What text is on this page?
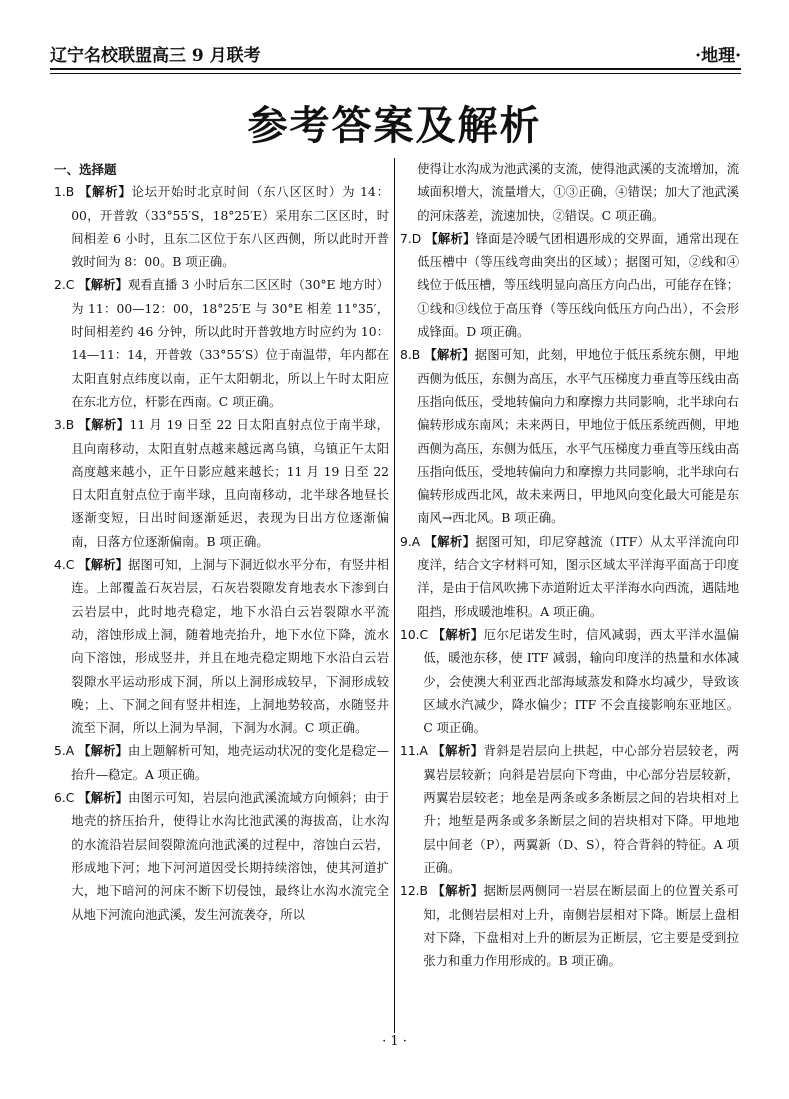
辽宁名校联盟高三 9 月联考	·地理·
参考答案及解析
一、选择题

1.B 【解析】论坛开始时北京时间（东八区区时）为 14：00，开普敦（33°55′S，18°25′E）采用东二区区时，时间相差 6 小时，且东二区位于东八区西侧，所以此时开普敦时间为 8：00。B 项正确。

2.C 【解析】观看直播 3 小时后东二区区时（30°E 地方时）为 11：00—12：00，18°25′E 与 30°E 相差 11°35′，时间相差约 46 分钟，所以此时开普敦地方时应约为 10：14—11：14，开普敦（33°55′S）位于南温带，年内都在太阳直射点纬度以南，正午太阳朝北，所以上午时太阳应在东北方位，杆影在西南。C 项正确。

3.B 【解析】11 月 19 日至 22 日太阳直射点位于南半球，且向南移动，太阳直射点越来越远离乌镇，乌镇正午太阳高度越来越小，正午日影应越来越长；11 月 19 日至 22 日太阳直射点位于南半球，且向南移动，北半球各地昼长逐渐变短，日出时间逐渐延迟，表现为日出方位逐渐偏南，日落方位逐渐偏南。B 项正确。

4.C 【解析】据图可知，上洞与下洞近似水平分布，有竖井相连。上部覆盖石灰岩层，石灰岩裂隙发育地表水下渗到白云岩层中，此时地壳稳定，地下水沿白云岩裂隙水平流动，溶蚀形成上洞，随着地壳抬升，地下水位下降，流水向下溶蚀，形成竖井，并且在地壳稳定期地下水沿白云岩裂隙水平运动形成下洞，所以上洞形成较早，下洞形成较晚；上、下洞之间有竖井相连，上洞地势较高，水随竖井流至下洞，所以上洞为旱洞，下洞为水洞。C 项正确。

5.A 【解析】由上题解析可知，地壳运动状况的变化是稳定—抬升—稳定。A 项正确。

6.C 【解析】由图示可知，岩层向池武溪流域方向倾斜；由于地壳的挤压抬升，使得让水沟比池武溪的海拔高，让水沟的水流沿岩层间裂隙流向池武溪的过程中，溶蚀白云岩，形成地下河；地下河河道因受长期持续溶蚀，使其河道扩大，地下暗河的河床不断下切侵蚀，最终让水沟水流完全从地下河流向池武溪，发生河流袭夺，所以

使得让水沟成为池武溪的支流，使得池武溪的支流增加，流域面积增大，流量增大，①③正确，④错误；加大了池武溪的河床落差，流速加快，②错误。C 项正确。

7.D 【解析】锋面是冷暖气团相遇形成的交界面，通常出现在低压槽中（等压线弯曲突出的区域）；据图可知，②线和④线位于低压槽，等压线明显向高压方向凸出，可能存在锋；①线和③线位于高压脊（等压线向低压方向凸出），不会形成锋面。D 项正确。

8.B 【解析】据图可知，此刻，甲地位于低压系统东侧，甲地西侧为低压，东侧为高压，水平气压梯度力垂直等压线由高压指向低压，受地转偏向力和摩擦力共同影响，北半球向右偏转形成东南风；未来两日，甲地位于低压系统西侧，甲地西侧为高压，东侧为低压，水平气压梯度力垂直等压线由高压指向低压，受地转偏向力和摩擦力共同影响，北半球向右偏转形成西北风，故未来两日，甲地风向变化最大可能是东南风→西北风。B 项正确。

9.A 【解析】据图可知，印尼穿越流（ITF）从太平洋流向印度洋，结合文字材料可知，图示区域太平洋海平面高于印度洋，是由于信风吹拂下赤道附近太平洋海水向西流，遇陆地阻挡，形成暖池堆积。A 项正确。

10.C 【解析】厄尔尼诺发生时，信风减弱，西太平洋水温偏低，暖池东移，使 ITF 减弱，输向印度洋的热量和水体减少，会使澳大利亚西北部海域蒸发和降水均减少，导致该区域水汽减少，降水偏少；ITF 不会直接影响东亚地区。C 项正确。

11.A 【解析】背斜是岩层向上拱起，中心部分岩层较老，两翼岩层较新；向斜是岩层向下弯曲，中心部分岩层较新，两翼岩层较老；地垒是两条或多条断层之间的岩块相对上升；地堑是两条或多条断层之间的岩块相对下降。甲地地层中间老（P），两翼新（D、S），符合背斜的特征。A 项正确。

12.B 【解析】据断层两侧同一岩层在断层面上的位置关系可知，北侧岩层相对上升，南侧岩层相对下降。断层上盘相对下降，下盘相对上升的断层为正断层，它主要是受到拉张力和重力作用形成的。B 项正确。

· 1 ·
